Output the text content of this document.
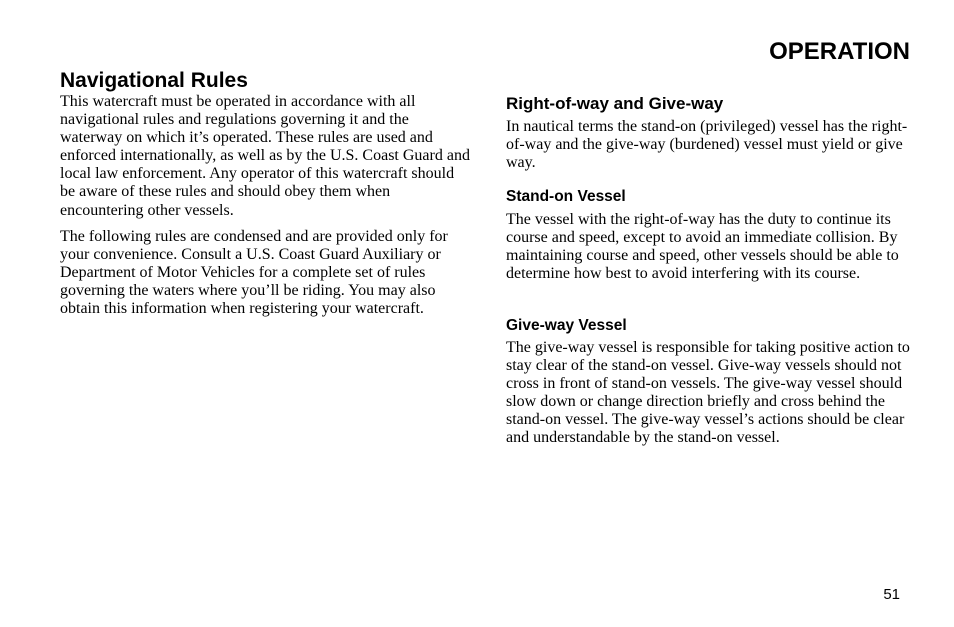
OPERATION
Navigational Rules

This watercraft must be operated in accordance with all navigational rules and regulations governing it and the waterway on which it’s operated. These rules are used and enforced internationally, as well as by the U.S. Coast Guard and local law enforcement. Any operator of this watercraft should be aware of these rules and should obey them when encountering other vessels.

The following rules are condensed and are provided only for your convenience. Consult a U.S. Coast Guard Auxiliary or Department of Motor Vehicles for a complete set of rules governing the waters where you’ll be riding. You may also obtain this information when registering your watercraft.

Right-of-way and Give-way

In nautical terms the stand-on (privileged) vessel has the right-of-way and the give-way (burdened) vessel must yield or give way.

Stand-on Vessel

The vessel with the right-of-way has the duty to continue its course and speed, except to avoid an immediate collision. By maintaining course and speed, other vessels should be able to determine how best to avoid interfering with its course.

Give-way Vessel

The give-way vessel is responsible for taking positive action to stay clear of the stand-on vessel. Give-way vessels should not cross in front of stand-on vessels. The give-way vessel should slow down or change direction briefly and cross behind the stand-on vessel. The give-way vessel’s actions should be clear and understandable by the stand-on vessel.

51
